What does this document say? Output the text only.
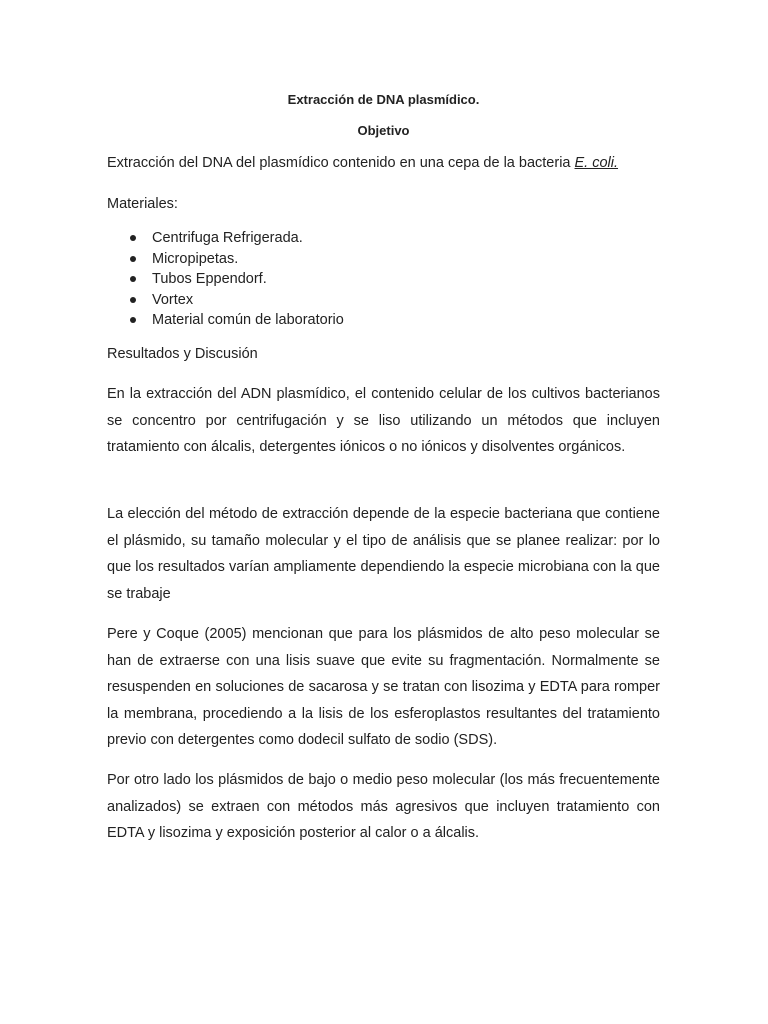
Extracción de DNA plasmídico.
Objetivo

Extracción del DNA del plasmídico contenido en una cepa de la bacteria E. coli.

Materiales:

Centrifuga Refrigerada.
Micropipetas.
Tubos Eppendorf.
Vortex
Material común de laboratorio

Resultados y Discusión

En la extracción del ADN plasmídico, el contenido celular de los cultivos bacterianos se concentro por centrifugación y se liso utilizando un métodos que incluyen tratamiento con álcalis, detergentes iónicos o no iónicos y disolventes orgánicos.

La elección del método de extracción depende de la especie bacteriana que contiene el plásmido, su tamaño molecular y el tipo de análisis que se planee realizar: por lo que los resultados varían ampliamente dependiendo la especie microbiana con la que se trabaje

Pere y Coque (2005) mencionan que para los plásmidos de alto peso molecular se han de extraerse con una lisis suave que evite su fragmentación. Normalmente se resuspenden en soluciones de sacarosa y se tratan con lisozima y EDTA para romper la membrana, procediendo a la lisis de los esferoplastos resultantes del tratamiento previo con detergentes como dodecil sulfato de sodio (SDS).

Por otro lado los plásmidos de bajo o medio peso molecular (los más frecuentemente analizados) se extraen con métodos más agresivos que incluyen tratamiento con EDTA y lisozima y exposición posterior al calor o a álcalis.
